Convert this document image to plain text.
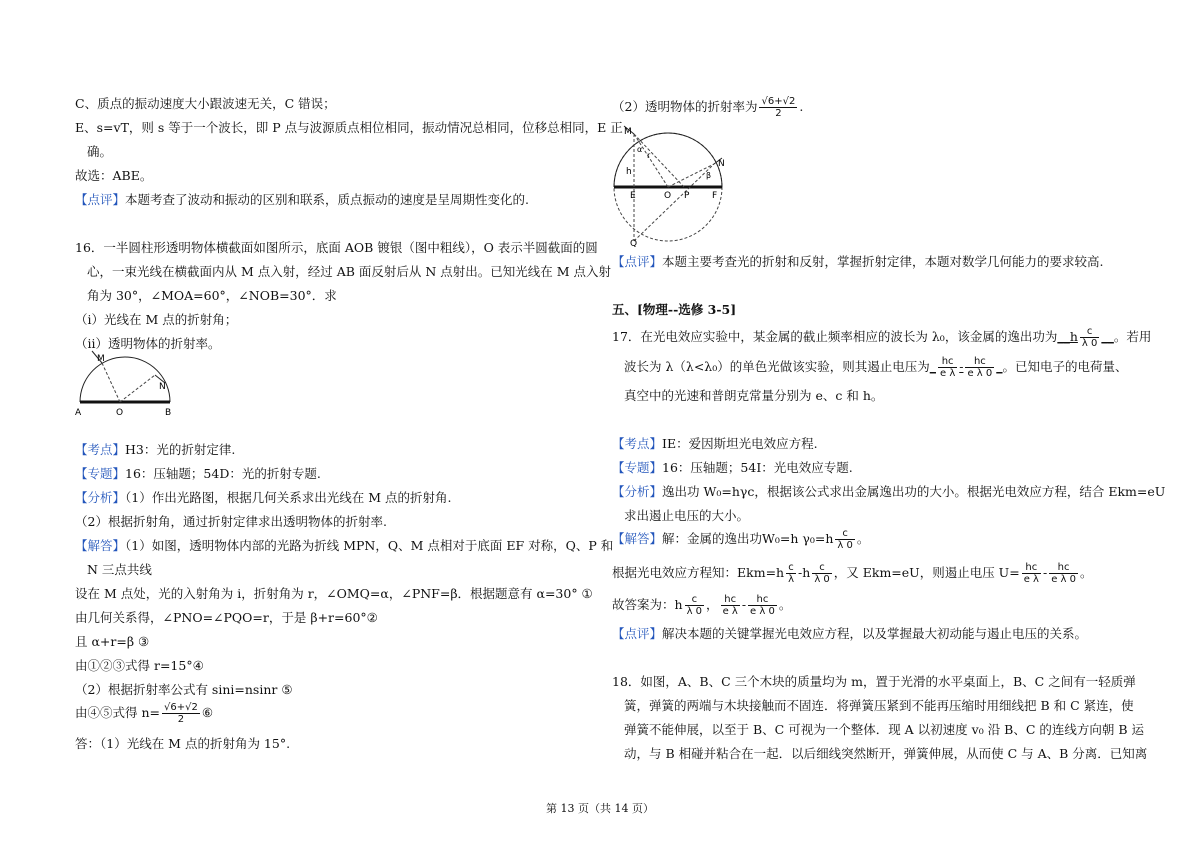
C、质点的振动速度大小跟波速无关，C 错误；
E、s=vT，则 s 等于一个波长，即 P 点与波源质点相位相同，振动情况总相同，位移总相同，E 正
确。
故选：ABE。
【点评】本题考查了波动和振动的区别和联系，质点振动的速度是呈周期性变化的.
16．一半圆柱形透明物体横截面如图所示，底面 AOB 镀银（图中粗线），O 表示半圆截面的圆
心，一束光线在横截面内从 M 点入射，经过 AB 面反射后从 N 点射出。已知光线在 M 点入射
角为 30°，∠MOA=60°，∠NOB=30°．求
（i）光线在 M 点的折射角；
（ii）透明物体的折射率。
M
N
A	O	B
【考点】H3：光的折射定律.
【专题】16：压轴题；54D：光的折射专题.
【分析】（1）作出光路图，根据几何关系求出光线在 M 点的折射角.
（2）根据折射角，通过折射定律求出透明物体的折射率.
【解答】（1）如图，透明物体内部的光路为折线 MPN，Q、M 点相对于底面 EF 对称，Q、P 和
N 三点共线
设在 M 点处，光的入射角为 i，折射角为 r，∠OMQ=α，∠PNF=β．根据题意有 α=30° ①
由几何关系得，∠PNO=∠PQO=r，于是 β+r=60°②
且 α+r=β ③
由①②③式得 r=15°④
（2）根据折射率公式有 sini=nsinr ⑤
由④⑤式得 $n= \frac{√6+√2}{2}$ ⑥
答：（1）光线在 M 点的折射角为 15°.
（2）透明物体的折射率为 $\frac{√6+√2}{2}$ .
M
N
h
E	O P	F
Q
α
r
β
【点评】本题主要考查光的折射和反射，掌握折射定律，本题对数学几何能力的要求较高.
五、[物理--选修 3-5]
17．在光电效应实验中，某金属的截止频率相应的波长为 λ₀，该金属的逸出功为__h $\frac{c}{\lambda 0}$ __。若用
波长为 λ（λ<λ₀）的单色光做该实验，则其遏止电压为_ $\frac{hc}{\text{e λ}} - \frac{hc}{\text{e λ 0}}$ _。已知电子的电荷量、
真空中的光速和普朗克常量分别为 e、c 和 h。
【考点】IE：爱因斯坦光电效应方程.
【专题】16：压轴题；54I：光电效应专题.
【分析】逸出功 W₀=hγc，根据该公式求出金属逸出功的大小。根据光电效应方程，结合 Ekm=eU
求出遏止电压的大小。
【解答】解：金属的逸出功W₀=h $\gamma_0=h \frac{c}{\lambda 0}$ 。
根据光电效应方程知：$Ekm=h \frac{c}{\lambda} -h \frac{c}{\lambda 0}$ ，又 Ekm=eU，则遏止电压 $U= \frac{hc}{\text{e λ}} - \frac{hc}{\text{e λ 0}}$ 。
故答案为：h $\frac{c}{\lambda 0}$ ， $\frac{hc}{\text{e λ}} - \frac{hc}{\text{e λ 0}}$ 。
【点评】解决本题的关键掌握光电效应方程，以及掌握最大初动能与遏止电压的关系。
18．如图，A、B、C 三个木块的质量均为 m，置于光滑的水平桌面上，B、C 之间有一轻质弹
簧，弹簧的两端与木块接触而不固连．将弹簧压紧到不能再压缩时用细线把 B 和 C 紧连，使
弹簧不能伸展，以至于 B、C 可视为一个整体．现 A 以初速度 v₀ 沿 B、C 的连线方向朝 B 运
动，与 B 相碰并粘合在一起．以后细线突然断开，弹簧伸展，从而使 C 与 A、B 分离．已知离
第 13 页（共 14 页）
